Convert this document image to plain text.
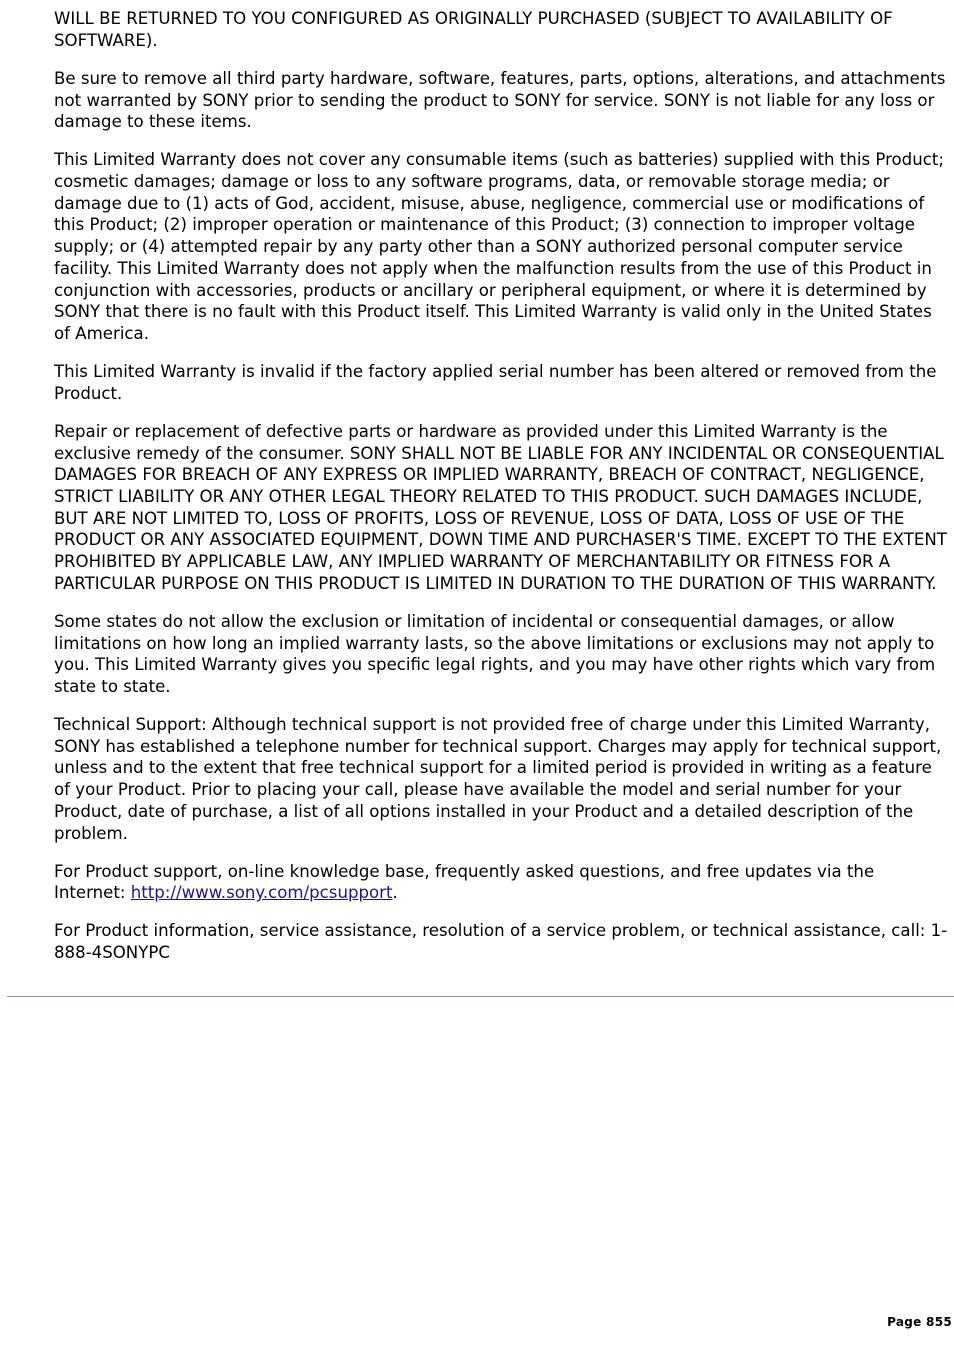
WILL BE RETURNED TO YOU CONFIGURED AS ORIGINALLY PURCHASED (SUBJECT TO AVAILABILITY OF SOFTWARE).

Be sure to remove all third party hardware, software, features, parts, options, alterations, and attachments not warranted by SONY prior to sending the product to SONY for service. SONY is not liable for any loss or damage to these items.

This Limited Warranty does not cover any consumable items (such as batteries) supplied with this Product; cosmetic damages; damage or loss to any software programs, data, or removable storage media; or damage due to (1) acts of God, accident, misuse, abuse, negligence, commercial use or modifications of this Product; (2) improper operation or maintenance of this Product; (3) connection to improper voltage supply; or (4) attempted repair by any party other than a SONY authorized personal computer service facility. This Limited Warranty does not apply when the malfunction results from the use of this Product in conjunction with accessories, products or ancillary or peripheral equipment, or where it is determined by SONY that there is no fault with this Product itself. This Limited Warranty is valid only in the United States of America.

This Limited Warranty is invalid if the factory applied serial number has been altered or removed from the Product.

Repair or replacement of defective parts or hardware as provided under this Limited Warranty is the exclusive remedy of the consumer. SONY SHALL NOT BE LIABLE FOR ANY INCIDENTAL OR CONSEQUENTIAL DAMAGES FOR BREACH OF ANY EXPRESS OR IMPLIED WARRANTY, BREACH OF CONTRACT, NEGLIGENCE, STRICT LIABILITY OR ANY OTHER LEGAL THEORY RELATED TO THIS PRODUCT. SUCH DAMAGES INCLUDE, BUT ARE NOT LIMITED TO, LOSS OF PROFITS, LOSS OF REVENUE, LOSS OF DATA, LOSS OF USE OF THE PRODUCT OR ANY ASSOCIATED EQUIPMENT, DOWN TIME AND PURCHASER'S TIME. EXCEPT TO THE EXTENT PROHIBITED BY APPLICABLE LAW, ANY IMPLIED WARRANTY OF MERCHANTABILITY OR FITNESS FOR A PARTICULAR PURPOSE ON THIS PRODUCT IS LIMITED IN DURATION TO THE DURATION OF THIS WARRANTY.

Some states do not allow the exclusion or limitation of incidental or consequential damages, or allow limitations on how long an implied warranty lasts, so the above limitations or exclusions may not apply to you. This Limited Warranty gives you specific legal rights, and you may have other rights which vary from state to state.

Technical Support: Although technical support is not provided free of charge under this Limited Warranty, SONY has established a telephone number for technical support. Charges may apply for technical support, unless and to the extent that free technical support for a limited period is provided in writing as a feature of your Product. Prior to placing your call, please have available the model and serial number for your Product, date of purchase, a list of all options installed in your Product and a detailed description of the problem.

For Product support, on-line knowledge base, frequently asked questions, and free updates via the Internet: http://www.sony.com/pcsupport.

For Product information, service assistance, resolution of a service problem, or technical assistance, call: 1-888-4SONYPC

Page 855
